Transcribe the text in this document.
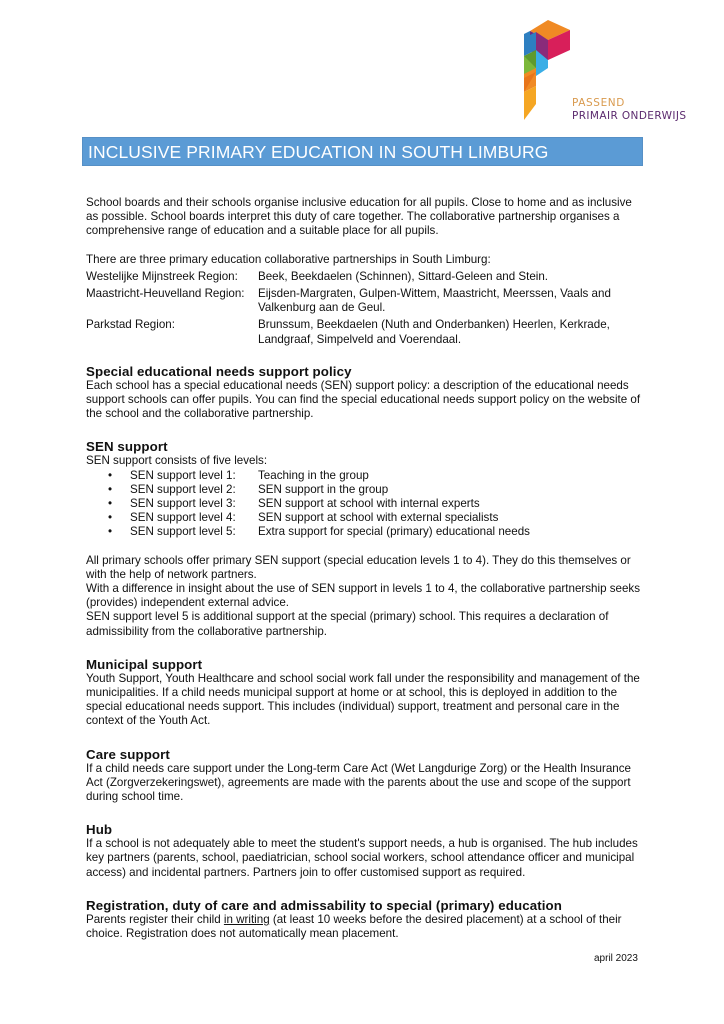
PASSEND
PRIMAIR ONDERWIJS
INCLUSIVE PRIMARY EDUCATION IN SOUTH LIMBURG

School boards and their schools organise inclusive education for all pupils. Close to home and as inclusive as possible. School boards interpret this duty of care together. The collaborative partnership organises a comprehensive range of education and a suitable place for all pupils.

There are three primary education collaborative partnerships in South Limburg:

Westelijke Mijnstreek Region:	Beek, Beekdaelen (Schinnen), Sittard-Geleen and Stein.
Maastricht-Heuvelland Region:	Eijsden-Margraten, Gulpen-Wittem, Maastricht, Meerssen, Vaals and Valkenburg aan de Geul.
Parkstad Region:	Brunssum, Beekdaelen (Nuth and Onderbanken) Heerlen, Kerkrade, Landgraaf, Simpelveld and Voerendaal.
Special educational needs support policy

Each school has a special educational needs (SEN) support policy: a description of the educational needs support schools can offer pupils. You can find the special educational needs support policy on the website of the school and the collaborative partnership.

SEN support

SEN support consists of five levels:

•	SEN support level 1:	Teaching in the group
•	SEN support level 2:	SEN support in the group
•	SEN support level 3:	SEN support at school with internal experts
•	SEN support level 4:	SEN support at school with external specialists
•	SEN support level 5:	Extra support for special (primary) educational needs

All primary schools offer primary SEN support (special education levels 1 to 4). They do this themselves or with the help of network partners.

With a difference in insight about the use of SEN support in levels 1 to 4, the collaborative partnership seeks (provides) independent external advice.

SEN support level 5 is additional support at the special (primary) school. This requires a declaration of admissibility from the collaborative partnership.

Municipal support

Youth Support, Youth Healthcare and school social work fall under the responsibility and management of the municipalities. If a child needs municipal support at home or at school, this is deployed in addition to the special educational needs support. This includes (individual) support, treatment and personal care in the context of the Youth Act.

Care support

If a child needs care support under the Long-term Care Act (Wet Langdurige Zorg) or the Health Insurance Act (Zorgverzekeringswet), agreements are made with the parents about the use and scope of the support during school time.

Hub

If a school is not adequately able to meet the student's support needs, a hub is organised. The hub includes key partners (parents, school, paediatrician, school social workers, school attendance officer and municipal access) and incidental partners. Partners join to offer customised support as required.

Registration, duty of care and admissability to special (primary) education

Parents register their child in writing (at least 10 weeks before the desired placement) at a school of their choice. Registration does not automatically mean placement.

april 2023
